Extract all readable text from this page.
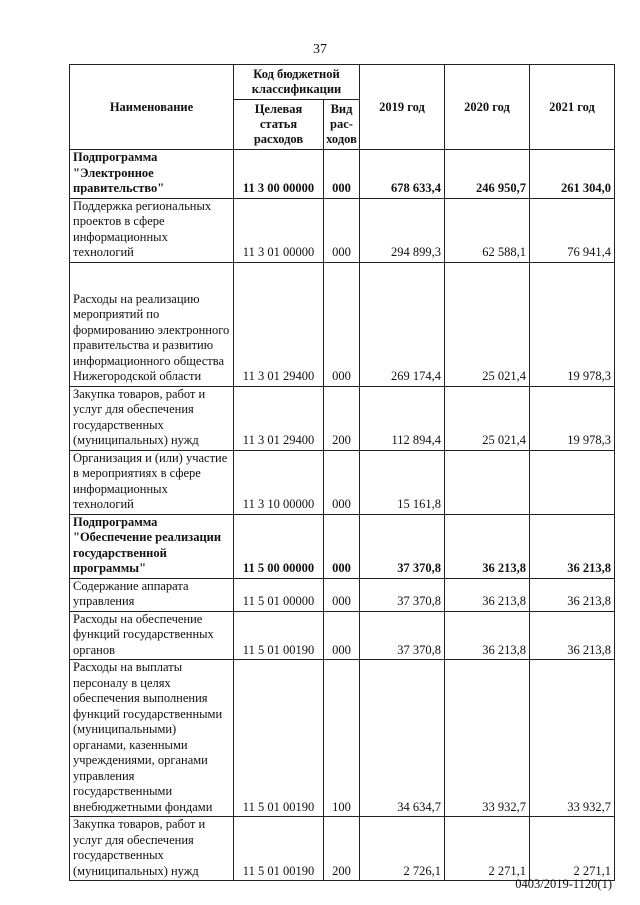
37
Наименование	Код бюджетной классификации		2019 год	2020 год	2021 год
	Целевая статья расходов	Вид рас-ходов			
Подпрограмма "Электронное правительство"	11 3 00 00000	000	678 633,4	246 950,7	261 304,0
Поддержка региональных проектов в сфере информационных технологий	11 3 01 00000	000	294 899,3	62 588,1	76 941,4
Расходы на реализацию мероприятий по формированию электронного правительства и развитию информационного общества Нижегородской области	11 3 01 29400	000	269 174,4	25 021,4	19 978,3
Закупка товаров, работ и услуг для обеспечения государственных (муниципальных) нужд	11 3 01 29400	200	112 894,4	25 021,4	19 978,3
Организация и (или) участие в мероприятиях в сфере информационных технологий	11 3 10 00000	000	15 161,8		
Подпрограмма "Обеспечение реализации государственной программы"	11 5 00 00000	000	37 370,8	36 213,8	36 213,8
Содержание аппарата управления	11 5 01 00000	000	37 370,8	36 213,8	36 213,8
Расходы на обеспечение функций государственных органов	11 5 01 00190	000	37 370,8	36 213,8	36 213,8
Расходы на выплаты персоналу в целях обеспечения выполнения функций государственными (муниципальными) органами, казенными учреждениями, органами управления государственными внебюджетными фондами	11 5 01 00190	100	34 634,7	33 932,7	33 932,7
Закупка товаров, работ и услуг для обеспечения государственных (муниципальных) нужд	11 5 01 00190	200	2 726,1	2 271,1	2 271,1
0403/2019-1120(1)
